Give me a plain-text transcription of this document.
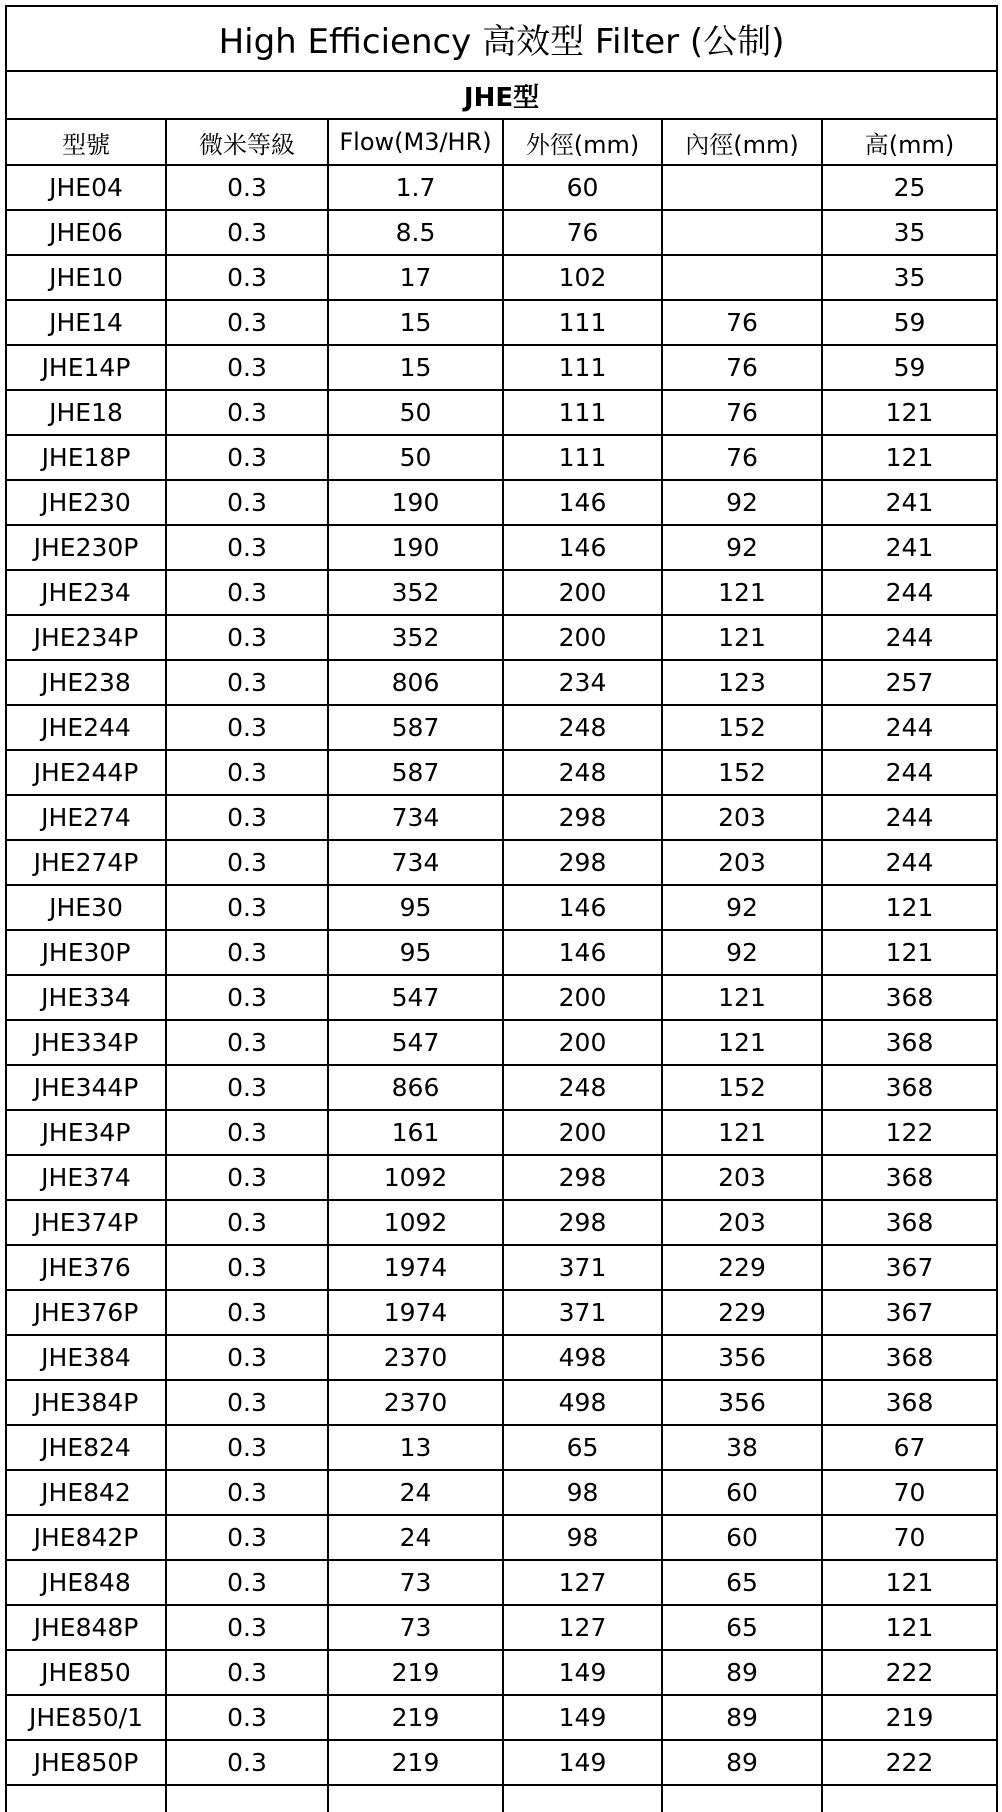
High Efficiency 高效型 Filter (公制)					
JHE型					
型號	微米等級	Flow(M3/HR)	外徑(mm)	內徑(mm)	高(mm)
JHE04	0.3	1.7	60		25
JHE06	0.3	8.5	76		35
JHE10	0.3	17	102		35
JHE14	0.3	15	111	76	59
JHE14P	0.3	15	111	76	59
JHE18	0.3	50	111	76	121
JHE18P	0.3	50	111	76	121
JHE230	0.3	190	146	92	241
JHE230P	0.3	190	146	92	241
JHE234	0.3	352	200	121	244
JHE234P	0.3	352	200	121	244
JHE238	0.3	806	234	123	257
JHE244	0.3	587	248	152	244
JHE244P	0.3	587	248	152	244
JHE274	0.3	734	298	203	244
JHE274P	0.3	734	298	203	244
JHE30	0.3	95	146	92	121
JHE30P	0.3	95	146	92	121
JHE334	0.3	547	200	121	368
JHE334P	0.3	547	200	121	368
JHE344P	0.3	866	248	152	368
JHE34P	0.3	161	200	121	122
JHE374	0.3	1092	298	203	368
JHE374P	0.3	1092	298	203	368
JHE376	0.3	1974	371	229	367
JHE376P	0.3	1974	371	229	367
JHE384	0.3	2370	498	356	368
JHE384P	0.3	2370	498	356	368
JHE824	0.3	13	65	38	67
JHE842	0.3	24	98	60	70
JHE842P	0.3	24	98	60	70
JHE848	0.3	73	127	65	121
JHE848P	0.3	73	127	65	121
JHE850	0.3	219	149	89	222
JHE850/1	0.3	219	149	89	219
JHE850P	0.3	219	149	89	222
